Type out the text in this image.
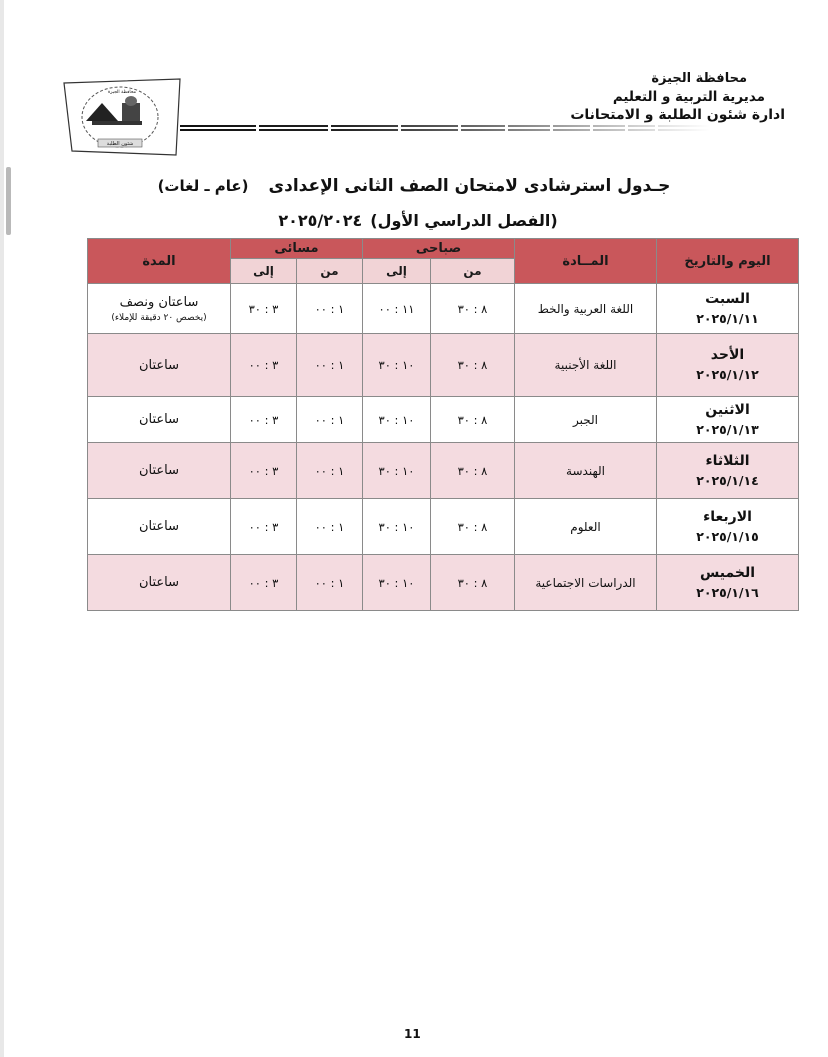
شئون الطلبة
محافظة الجيزة
محافظة الجيزة
مديرية التربية و التعليم
ادارة شئون الطلبة و الامتحانات
جـدول استرشادى لامتحان الصف الثانى الإعدادى(عام ـ لغات)
(الفصل الدراسي الأول)٢٠٢٥/٢٠٢٤
اليوم والتاريخ	المــادة	صباحى		مسائى		المدة
		من	إلى	من	إلى	

السبت
٢٠٢٥/١/١١	اللغة العربية والخط	٨ : ٣٠	١١ : ٠٠	١ : ٠٠	٣ : ٣٠	ساعتان ونصف
(يخصص ٢٠ دقيقة للإملاء)

الأحد
٢٠٢٥/١/١٢	اللغة الأجنبية	٨ : ٣٠	١٠ : ٣٠	١ : ٠٠	٣ : ٠٠	ساعتان

الاثنين
٢٠٢٥/١/١٣	الجبر	٨ : ٣٠	١٠ : ٣٠	١ : ٠٠	٣ : ٠٠	ساعتان

الثلاثاء
٢٠٢٥/١/١٤	الهندسة	٨ : ٣٠	١٠ : ٣٠	١ : ٠٠	٣ : ٠٠	ساعتان

الاربعاء
٢٠٢٥/١/١٥	العلوم	٨ : ٣٠	١٠ : ٣٠	١ : ٠٠	٣ : ٠٠	ساعتان

الخميس
٢٠٢٥/١/١٦	الدراسات الاجتماعية	٨ : ٣٠	١٠ : ٣٠	١ : ٠٠	٣ : ٠٠	ساعتان
11
